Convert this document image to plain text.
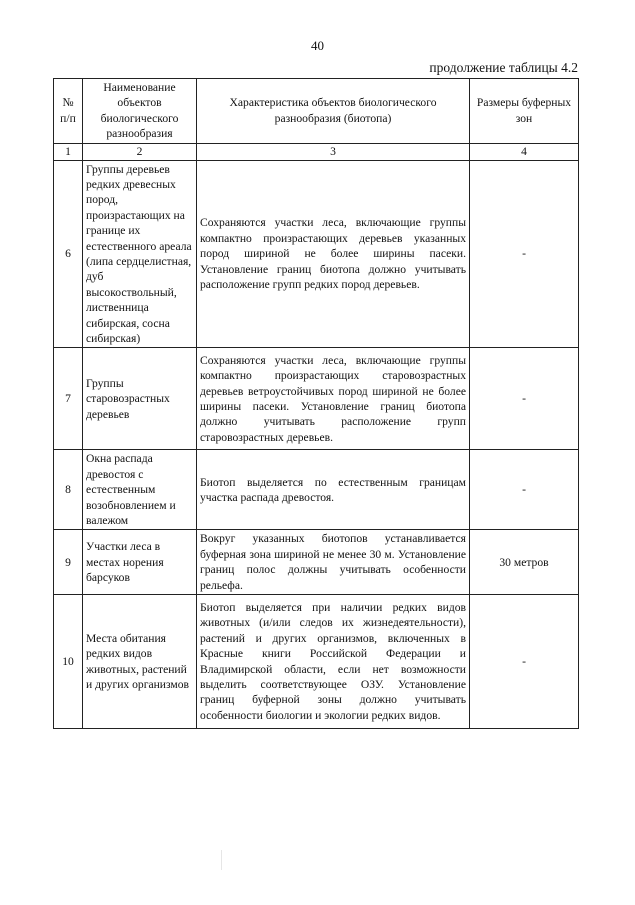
40
продолжение таблицы 4.2
№ п/п	Наименование объектов биологического разнообразия	Характеристика объектов биологического разнообразия (биотопа)	Размеры буферных зон
1	2	3	4
6	Группы деревьев редких древесных пород, произрастающих на границе их естественного ареала (липа сердцелистная, дуб высокоствольный, лиственница сибирская, сосна сибирская)	Сохраняются участки леса, включающие группы компактно произрастающих деревьев указанных пород шириной не более ширины пасеки. Установление границ биотопа должно учитывать расположение групп редких пород деревьев.	-
7	Группы старовозрастных деревьев	Сохраняются участки леса, включающие группы компактно произрастающих старовозрастных деревьев ветроустойчивых пород шириной не более ширины пасеки. Установление границ биотопа должно учитывать расположение групп старовозрастных деревьев.	-
8	Окна распада древостоя с естественным возобновлением и валежом	Биотоп выделяется по естественным границам участка распада древостоя.	-
9	Участки леса в местах норения барсуков	Вокруг указанных биотопов устанавливается буферная зона шириной не менее 30 м. Установление границ полос должны учитывать особенности рельефа.	30 метров
10	Места обитания редких видов животных, растений и других организмов	Биотоп выделяется при наличии редких видов животных (и/или следов их жизнедеятельности), растений и других организмов, включенных в Красные книги Российской Федерации и Владимирской области, если нет возможности выделить соответствующее ОЗУ. Установление границ буферной зоны должно учитывать особенности биологии и экологии редких видов.	-
